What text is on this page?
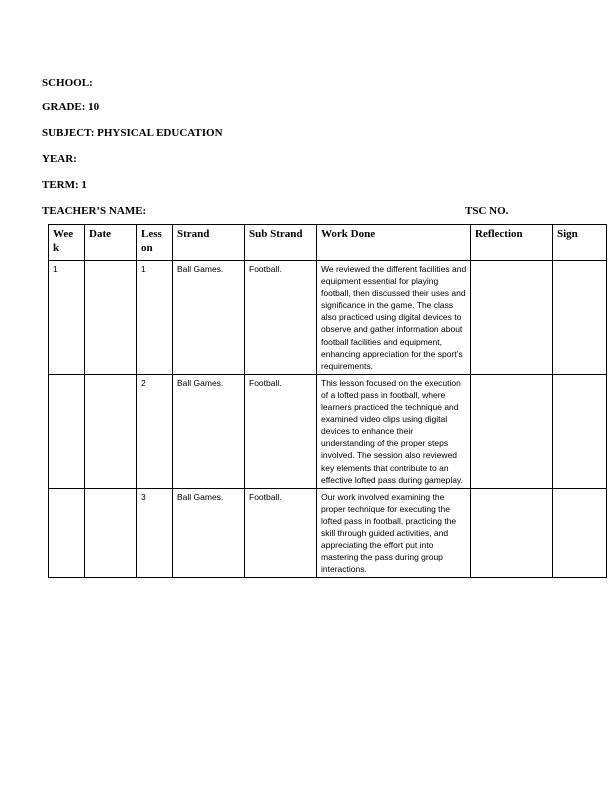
SCHOOL:
GRADE: 10
SUBJECT: PHYSICAL EDUCATION
YEAR:
TERM: 1
TEACHER’S NAME:	TSC NO.
Wee k	Date	Less on	Strand	Sub Strand	Work Done	Reflection	Sign
1		1	Ball Games.	Football.	We reviewed the different facilities and equipment essential for playing football, then discussed their uses and significance in the game. The class also practiced using digital devices to observe and gather information about football facilities and equipment, enhancing appreciation for the sport’s requirements.		
		2	Ball Games.	Football.	This lesson focused on the execution of a lofted pass in football, where learners practiced the technique and examined video clips using digital devices to enhance their understanding of the proper steps involved. The session also reviewed key elements that contribute to an effective lofted pass during gameplay.		
		3	Ball Games.	Football.	Our work involved examining the proper technique for executing the lofted pass in football, practicing the skill through guided activities, and appreciating the effort put into mastering the pass during group interactions.		
